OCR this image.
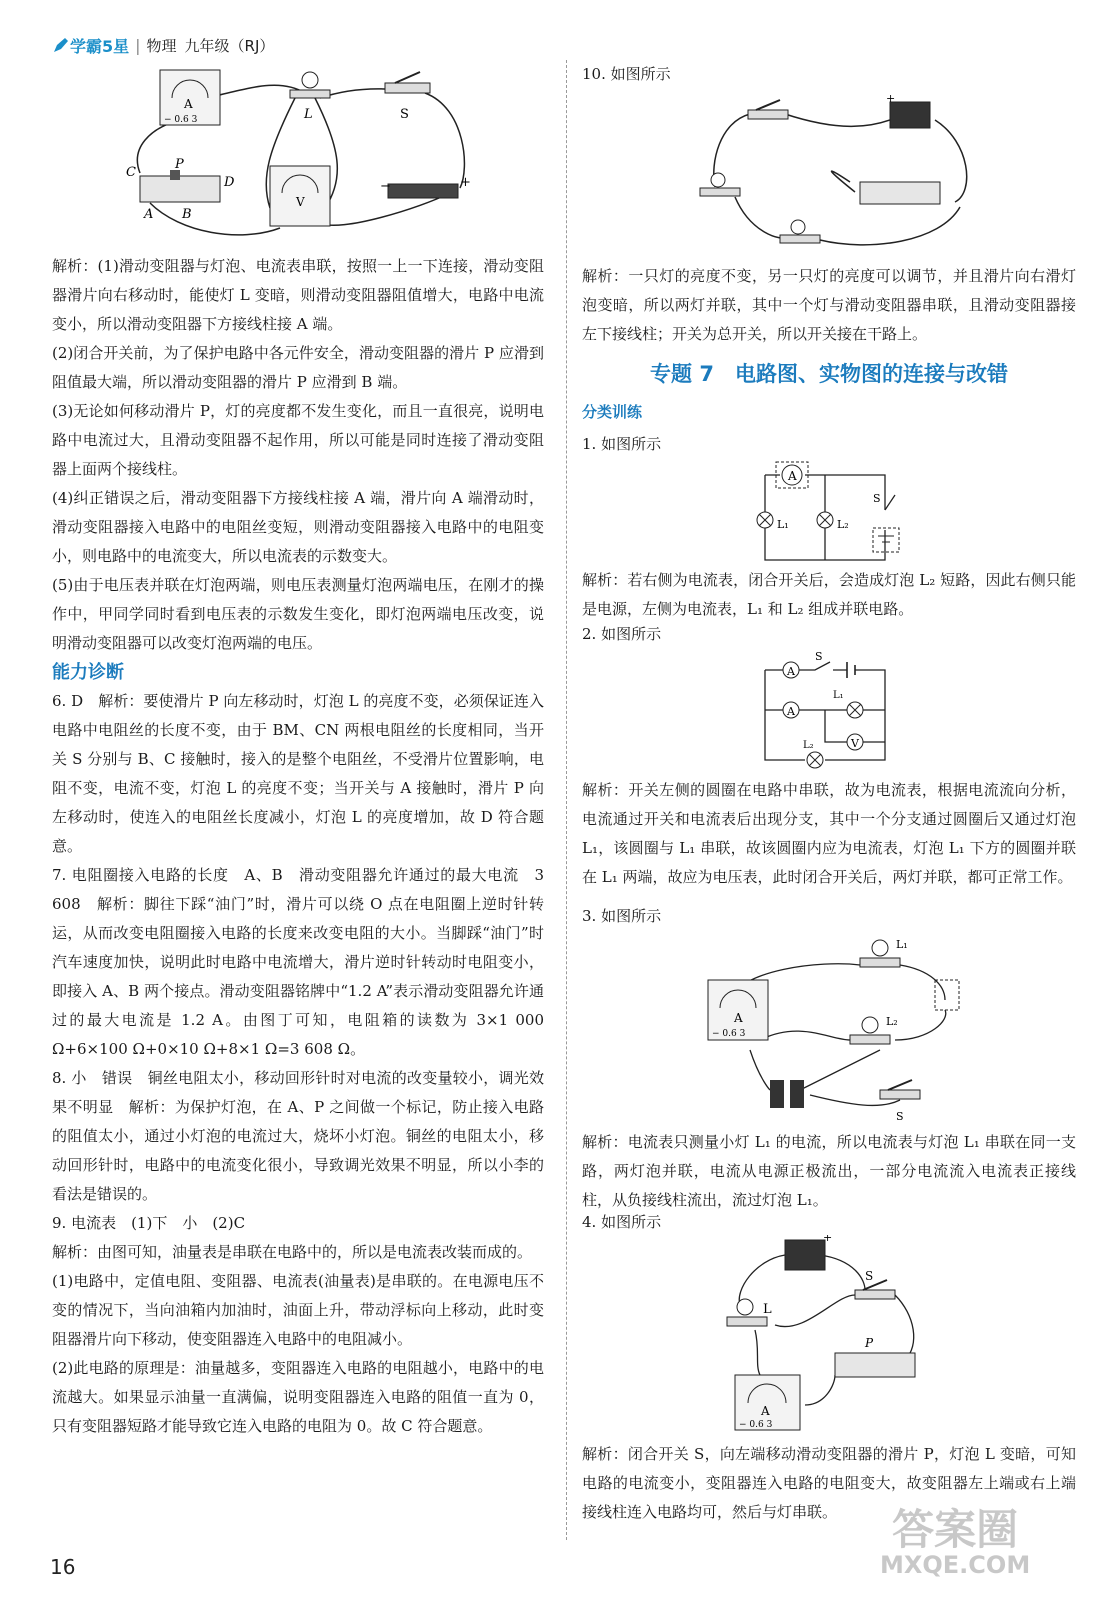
学霸5星 | 物理 九年级（RJ）
A
− 0.6 3	L	S
C
P
D
A B
V
−	+

解析：(1)滑动变阻器与灯泡、电流表串联，按照一上一下连接，滑动变阻器滑片向右移动时，能使灯 L 变暗，则滑动变阻器阻值增大，电路中电流变小，所以滑动变阻器下方接线柱接 A 端。

(2)闭合开关前，为了保护电路中各元件安全，滑动变阻器的滑片 P 应滑到阻值最大端，所以滑动变阻器的滑片 P 应滑到 B 端。

(3)无论如何移动滑片 P，灯的亮度都不发生变化，而且一直很亮，说明电路中电流过大，且滑动变阻器不起作用，所以可能是同时连接了滑动变阻器上面两个接线柱。

(4)纠正错误之后，滑动变阻器下方接线柱接 A 端，滑片向 A 端滑动时，滑动变阻器接入电路中的电阻丝变短，则滑动变阻器接入电路中的电阻变小，则电路中的电流变大，所以电流表的示数变大。

(5)由于电压表并联在灯泡两端，则电压表测量灯泡两端电压，在刚才的操作中，甲同学同时看到电压表的示数发生变化，即灯泡两端电压改变，说明滑动变阻器可以改变灯泡两端的电压。

能力诊断

6. D　解析：要使滑片 P 向左移动时，灯泡 L 的亮度不变，必须保证连入电路中电阻丝的长度不变，由于 BM、CN 两根电阻丝的长度相同，当开关 S 分别与 B、C 接触时，接入的是整个电阻丝，不受滑片位置影响，电阻不变，电流不变，灯泡 L 的亮度不变；当开关与 A 接触时，滑片 P 向左移动时，使连入的电阻丝长度减小，灯泡 L 的亮度增加，故 D 符合题意。

7. 电阻圈接入电路的长度　A、B　滑动变阻器允许通过的最大电流　3 608　解析：脚往下踩“油门”时，滑片可以绕 O 点在电阻圈上逆时针转运，从而改变电阻圈接入电路的长度来改变电阻的大小。当脚踩“油门”时汽车速度加快，说明此时电路中电流增大，滑片逆时针转动时电阻变小，即接入 A、B 两个接点。滑动变阻器铭牌中“1.2 A”表示滑动变阻器允许通过的最大电流是 1.2 A。由图丁可知，电阻箱的读数为 3×1 000 Ω+6×100 Ω+0×10 Ω+8×1 Ω=3 608 Ω。

8. 小　错误　铜丝电阻太小，移动回形针时对电流的改变量较小，调光效果不明显　解析：为保护灯泡，在 A、P 之间做一个标记，防止接入电路的阻值太小，通过小灯泡的电流过大，烧坏小灯泡。铜丝的电阻太小，移动回形针时，电路中的电流变化很小，导致调光效果不明显，所以小李的看法是错误的。

9. 电流表　(1)下　小　(2)C

解析：由图可知，油量表是串联在电路中的，所以是电流表改装而成的。

(1)电路中，定值电阻、变阻器、电流表(油量表)是串联的。在电源电压不变的情况下，当向油箱内加油时，油面上升，带动浮标向上移动，此时变阻器滑片向下移动，使变阻器连入电路中的电阻减小。

(2)此电路的原理是：油量越多，变阻器连入电路的电阻越小，电路中的电流越大。如果显示油量一直满偏，说明变阻器连入电路的阻值一直为 0，只有变阻器短路才能导致它连入电路的电阻为 0。故 C 符合题意。

10. 如图所示
+

解析：一只灯的亮度不变，另一只灯的亮度可以调节，并且滑片向右滑灯泡变暗，所以两灯并联，其中一个灯与滑动变阻器串联，且滑动变阻器接左下接线柱；开关为总开关，所以开关接在干路上。

专题 7　电路图、实物图的连接与改错
分类训练
1. 如图所示
A
L₁	L₂
S
解析：若右侧为电流表，闭合开关后，会造成灯泡 L₂ 短路，因此右侧只能是电源，左侧为电流表，L₁ 和 L₂ 组成并联电路。
2. 如图所示
A
S
A
L₁
V
L₂
解析：开关左侧的圆圈在电路中串联，故为电流表，根据电流流向分析，电流通过开关和电流表后出现分支，其中一个分支通过圆圈后又通过灯泡 L₁，该圆圈与 L₁ 串联，故该圆圈内应为电流表，灯泡 L₁ 下方的圆圈并联在 L₁ 两端，故应为电压表，此时闭合开关后，两灯并联，都可正常工作。
3. 如图所示
L₁
A
− 0.6 3
L₂
S
解析：电流表只测量小灯 L₁ 的电流，所以电流表与灯泡 L₁ 串联在同一支路，两灯泡并联，电流从电源正极流出，一部分电流流入电流表正接线柱，从负接线柱流出，流过灯泡 L₁。
4. 如图所示
+
L
S
P
A
− 0.6 3
解析：闭合开关 S，向左端移动滑动变阻器的滑片 P，灯泡 L 变暗，可知电路的电流变小，变阻器连入电路的电阻变大，故变阻器左上端或右上端接线柱连入电路均可，然后与灯串联。
16
答案圈
MXQE.COM
